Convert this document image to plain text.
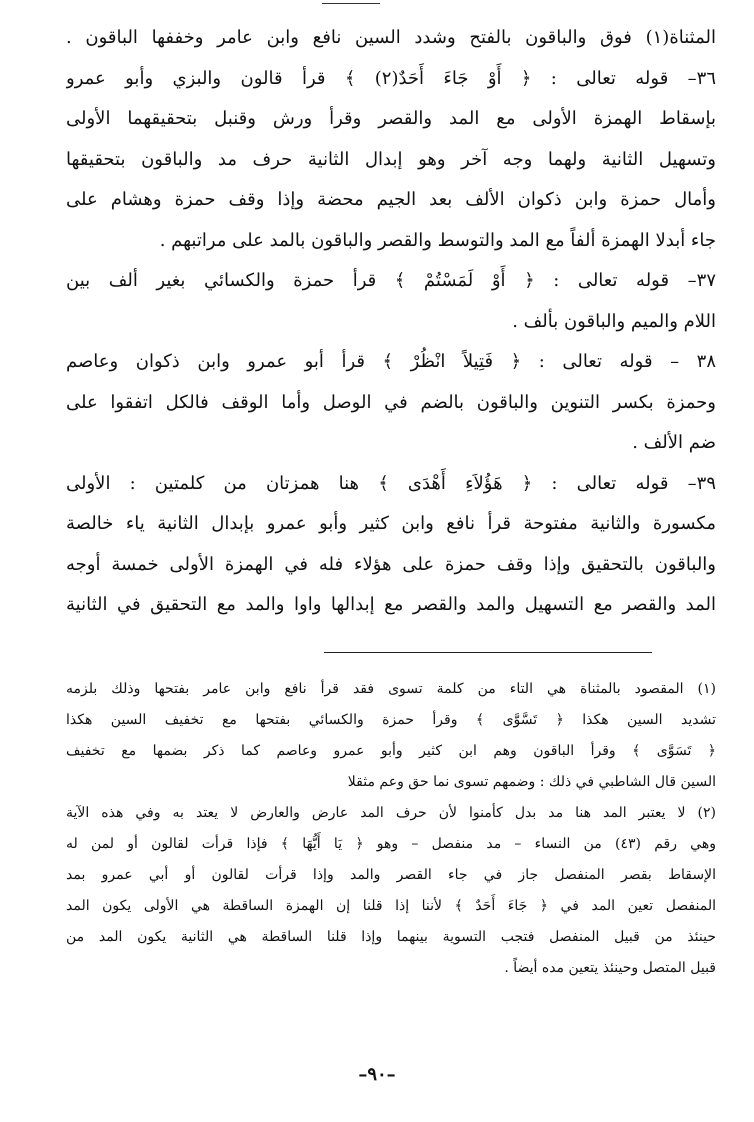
المثناة(١) فوق والباقون بالفتح وشدد السين نافع وابن عامر وخففها الباقون .
٣٦– قوله تعالى : ﴿ أَوْ جَاءَ أَحَدٌ(٢) ﴾ قرأ قالون والبزي وأبو عمرو
بإسقاط الهمزة الأولى مع المد والقصر وقرأ ورش وقنبل بتحقيقهما الأولى
وتسهيل الثانية ولهما وجه آخر وهو إبدال الثانية حرف مد والباقون بتحقيقها
وأمال حمزة وابن ذكوان الألف بعد الجيم محضة وإذا وقف حمزة وهشام على
جاء أبدلا الهمزة ألفاً مع المد والتوسط والقصر والباقون بالمد على مراتبهم .
٣٧– قوله تعالى : ﴿ أَوْ لَمَسْتُمْ ﴾ قرأ حمزة والكسائي بغير ألف بين
اللام والميم والباقون بألف .
٣٨ – قوله تعالى : ﴿ فَتِيلاً انْظُرْ ﴾ قرأ أبو عمرو وابن ذكوان وعاصم
وحمزة بكسر التنوين والباقون بالضم في الوصل وأما الوقف فالكل اتفقوا على
ضم الألف .
٣٩– قوله تعالى : ﴿ هَؤُلاَءِ أَهْدَى ﴾ هنا همزتان من كلمتين : الأولى
مكسورة والثانية مفتوحة قرأ نافع وابن كثير وأبو عمرو بإبدال الثانية ياء خالصة
والباقون بالتحقيق وإذا وقف حمزة على هؤلاء فله في الهمزة الأولى خمسة أوجه
المد والقصر مع التسهيل والمد والقصر مع إبدالها واوا والمد مع التحقيق في الثانية
(١) المقصود بالمثناة هي التاء من كلمة تسوى فقد قرأ نافع وابن عامر بفتحها وذلك بلزمه
تشديد السين هكذا ﴿ تَسَّوَّى ﴾ وقرأ حمزة والكسائي بفتحها مع تخفيف السين هكذا
﴿ تَسَوَّى ﴾ وقرأ الباقون وهم ابن كثير وأبو عمرو وعاصم كما ذكر بضمها مع تخفيف
السين قال الشاطبي في ذلك : وضمهم تسوى نما حق وعم مثقلا
(٢) لا يعتبر المد هنا مد بدل كأمنوا لأن حرف المد عارض والعارض لا يعتد به وفي هذه الآية
وهي رقم (٤٣) من النساء – مد منفصل – وهو ﴿ يَا أَيُّهَا ﴾ فإذا قرأت لقالون أو لمن له
الإسقاط بقصر المنفصل جاز في جاء القصر والمد وإذا قرأت لقالون أو أبي عمرو بمد
المنفصل تعين المد في ﴿ جَاءَ أَحَدٌ ﴾ لأننا إذا قلنا إن الهمزة الساقطة هي الأولى يكون المد
حينئذ من قبيل المنفصل فتجب التسوية بينهما وإذا قلنا الساقطة هي الثانية يكون المد من
قبيل المتصل وحينئذ يتعين مده أيضاً .
–٩٠–
